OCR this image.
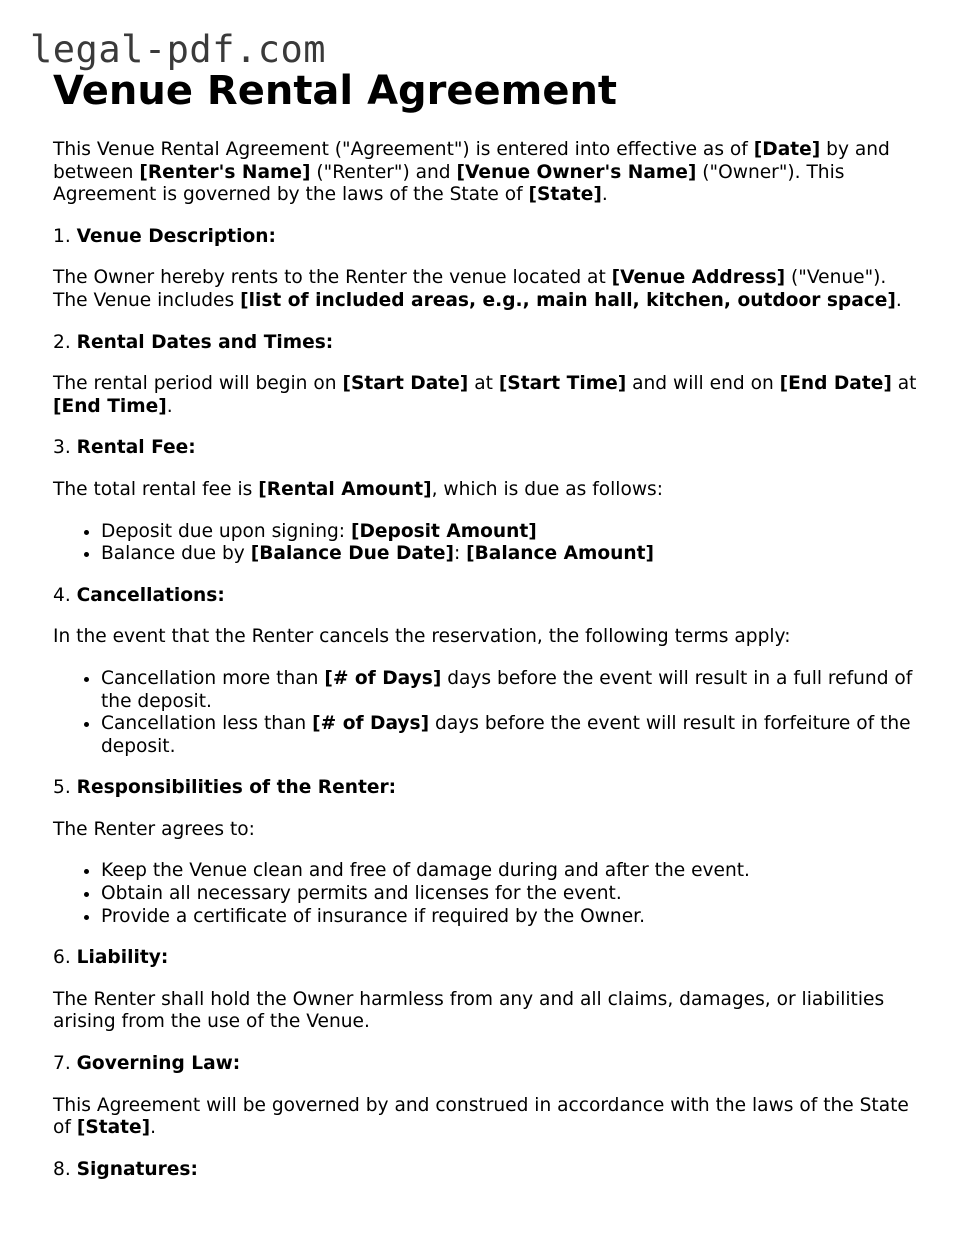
legal-pdf.com
Venue Rental Agreement

This Venue Rental Agreement ("Agreement") is entered into effective as of [Date] by and between [Renter's Name] ("Renter") and [Venue Owner's Name] ("Owner"). This Agreement is governed by the laws of the State of [State].

1. Venue Description:

The Owner hereby rents to the Renter the venue located at [Venue Address] ("Venue"). The Venue includes [list of included areas, e.g., main hall, kitchen, outdoor space].

2. Rental Dates and Times:

The rental period will begin on [Start Date] at [Start Time] and will end on [End Date] at [End Time].

3. Rental Fee:

The total rental fee is [Rental Amount], which is due as follows:

• Deposit due upon signing: [Deposit Amount]
• Balance due by [Balance Due Date]: [Balance Amount]
4. Cancellations:

In the event that the Renter cancels the reservation, the following terms apply:

• Cancellation more than [# of Days] days before the event will result in a full refund of the deposit.
• Cancellation less than [# of Days] days before the event will result in forfeiture of the deposit.
5. Responsibilities of the Renter:

The Renter agrees to:

• Keep the Venue clean and free of damage during and after the event.
• Obtain all necessary permits and licenses for the event.
• Provide a certificate of insurance if required by the Owner.
6. Liability:

The Renter shall hold the Owner harmless from any and all claims, damages, or liabilities arising from the use of the Venue.

7. Governing Law:

This Agreement will be governed by and construed in accordance with the laws of the State of [State].

8. Signatures:
